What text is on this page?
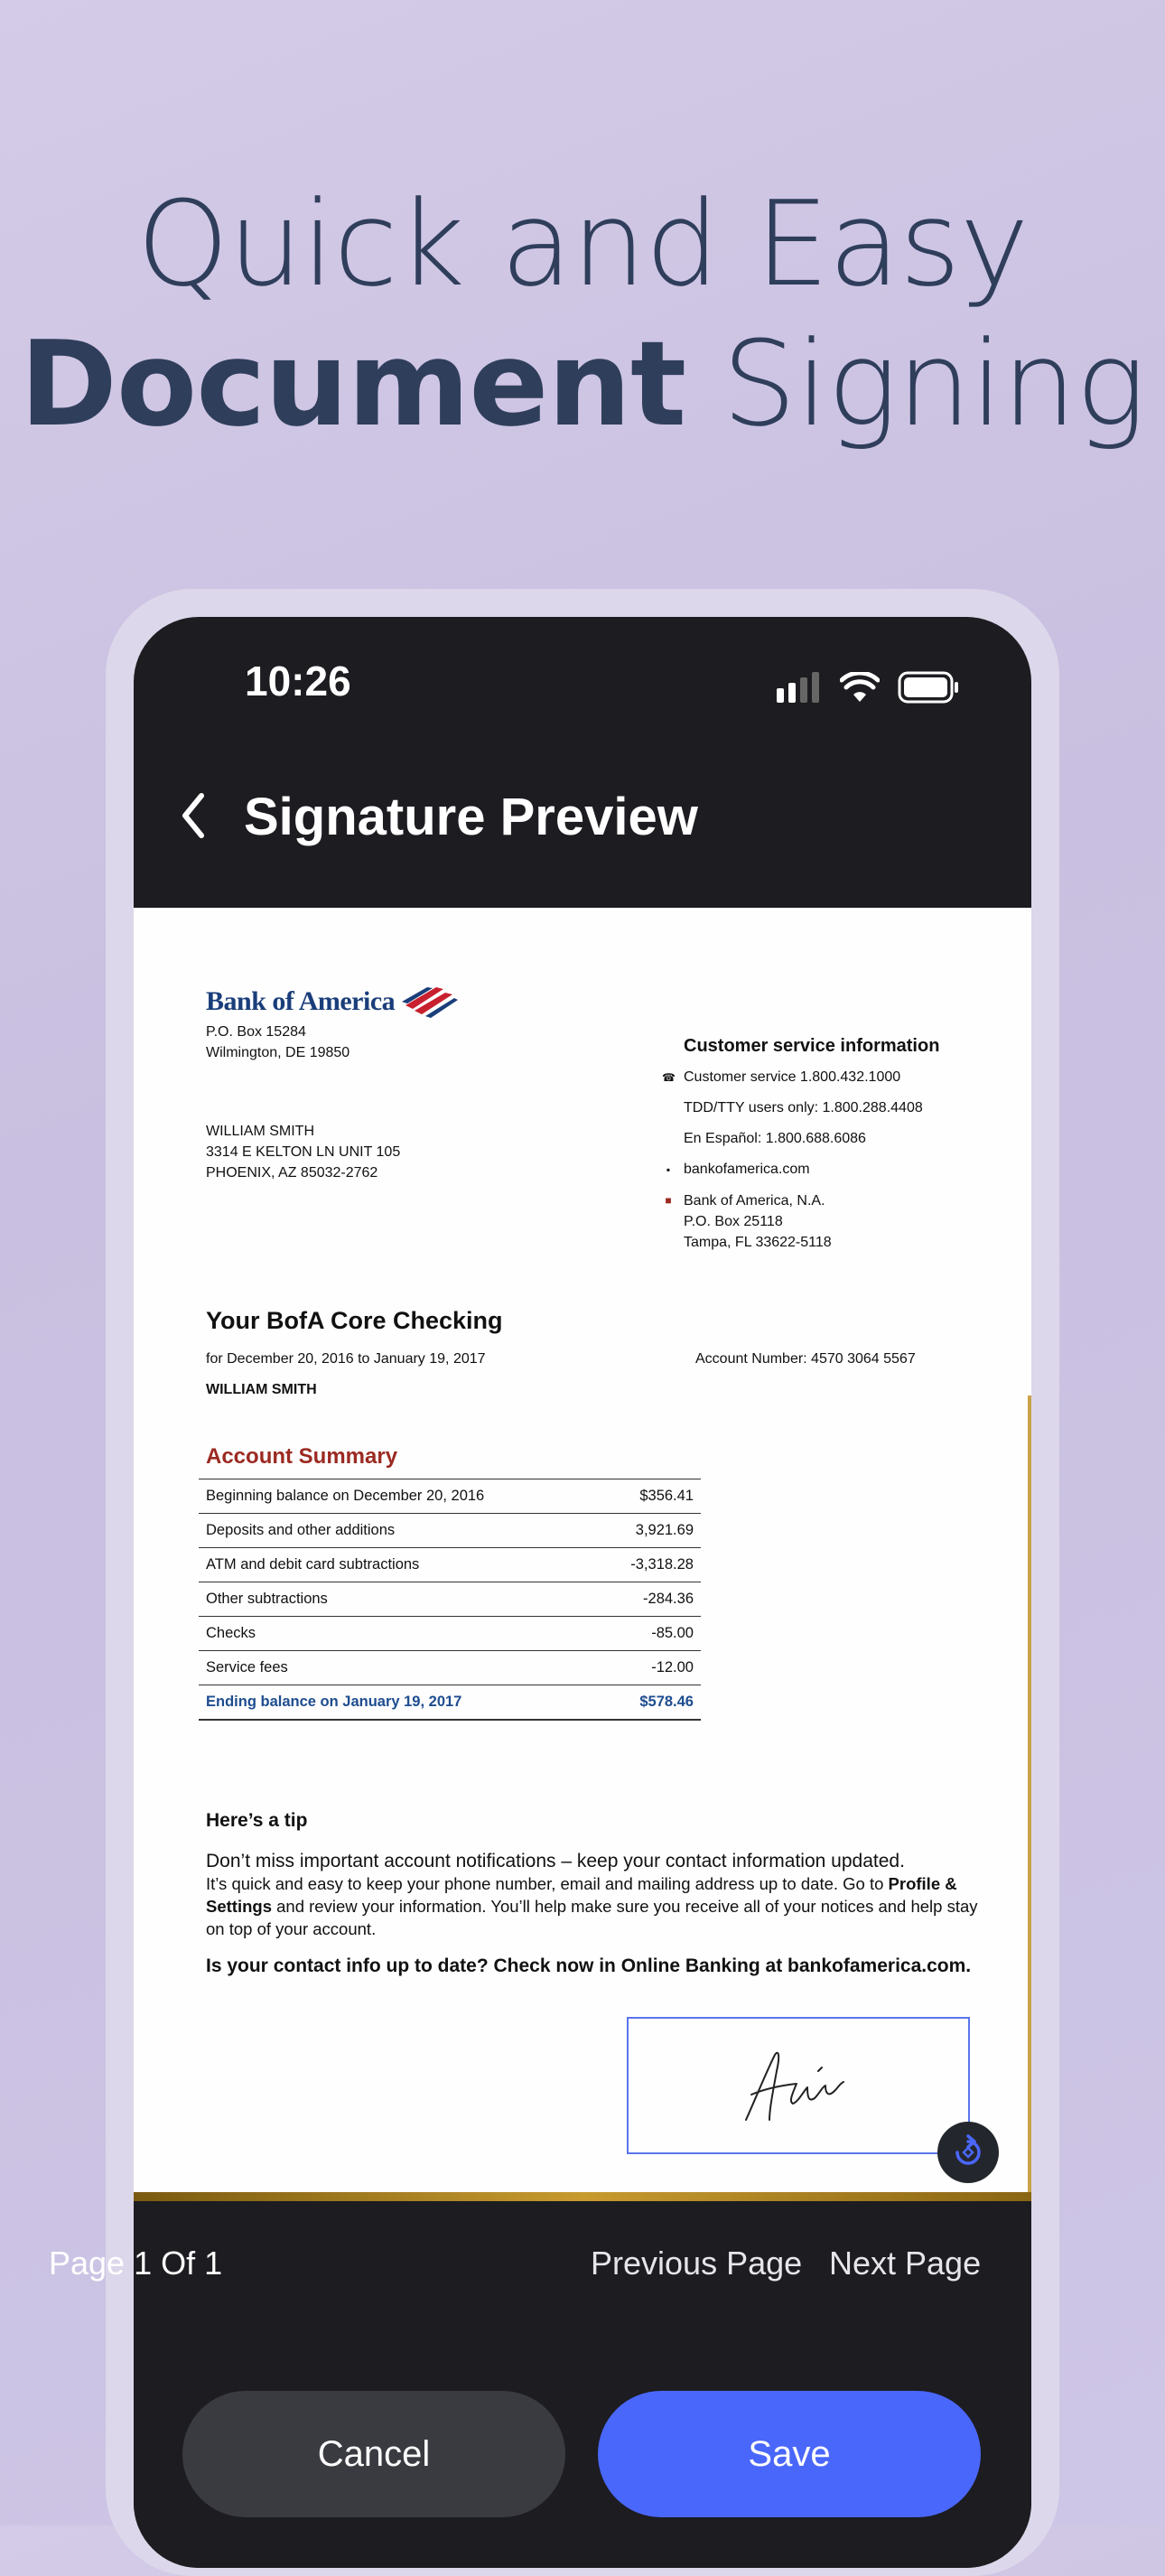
Quick and Easy
Document Signing
10:26
Signature Preview
Bank of America
P.O. Box 15284
Wilmington, DE 19850
WILLIAM SMITH
3314 E KELTON LN UNIT 105
PHOENIX, AZ 85032-2762
Customer service information
☎ Customer service 1.800.432.1000
TDD/TTY users only: 1.800.288.4408
En Español: 1.800.688.6086
▪ bankofamerica.com
■ Bank of America, N.A.
P.O. Box 25118
Tampa, FL 33622-5118
Your BofA Core Checking
for December 20, 2016 to January 19, 2017	Account Number: 4570 3064 5567
WILLIAM SMITH
Account Summary
Beginning balance on December 20, 2016	$356.41
Deposits and other additions	3,921.69
ATM and debit card subtractions	-3,318.28
Other subtractions	-284.36
Checks	-85.00
Service fees	-12.00
Ending balance on January 19, 2017	$578.46
Here’s a tip
Don’t miss important account notifications – keep your contact information updated.
It’s quick and easy to keep your phone number, email and mailing address up to date. Go to Profile & Settings and review your information. You’ll help make sure you receive all of your notices and help stay on top of your account.
Is your contact info up to date? Check now in Online Banking at bankofamerica.com.
Page 1 Of 1	Previous Page Next Page
Cancel	Save
